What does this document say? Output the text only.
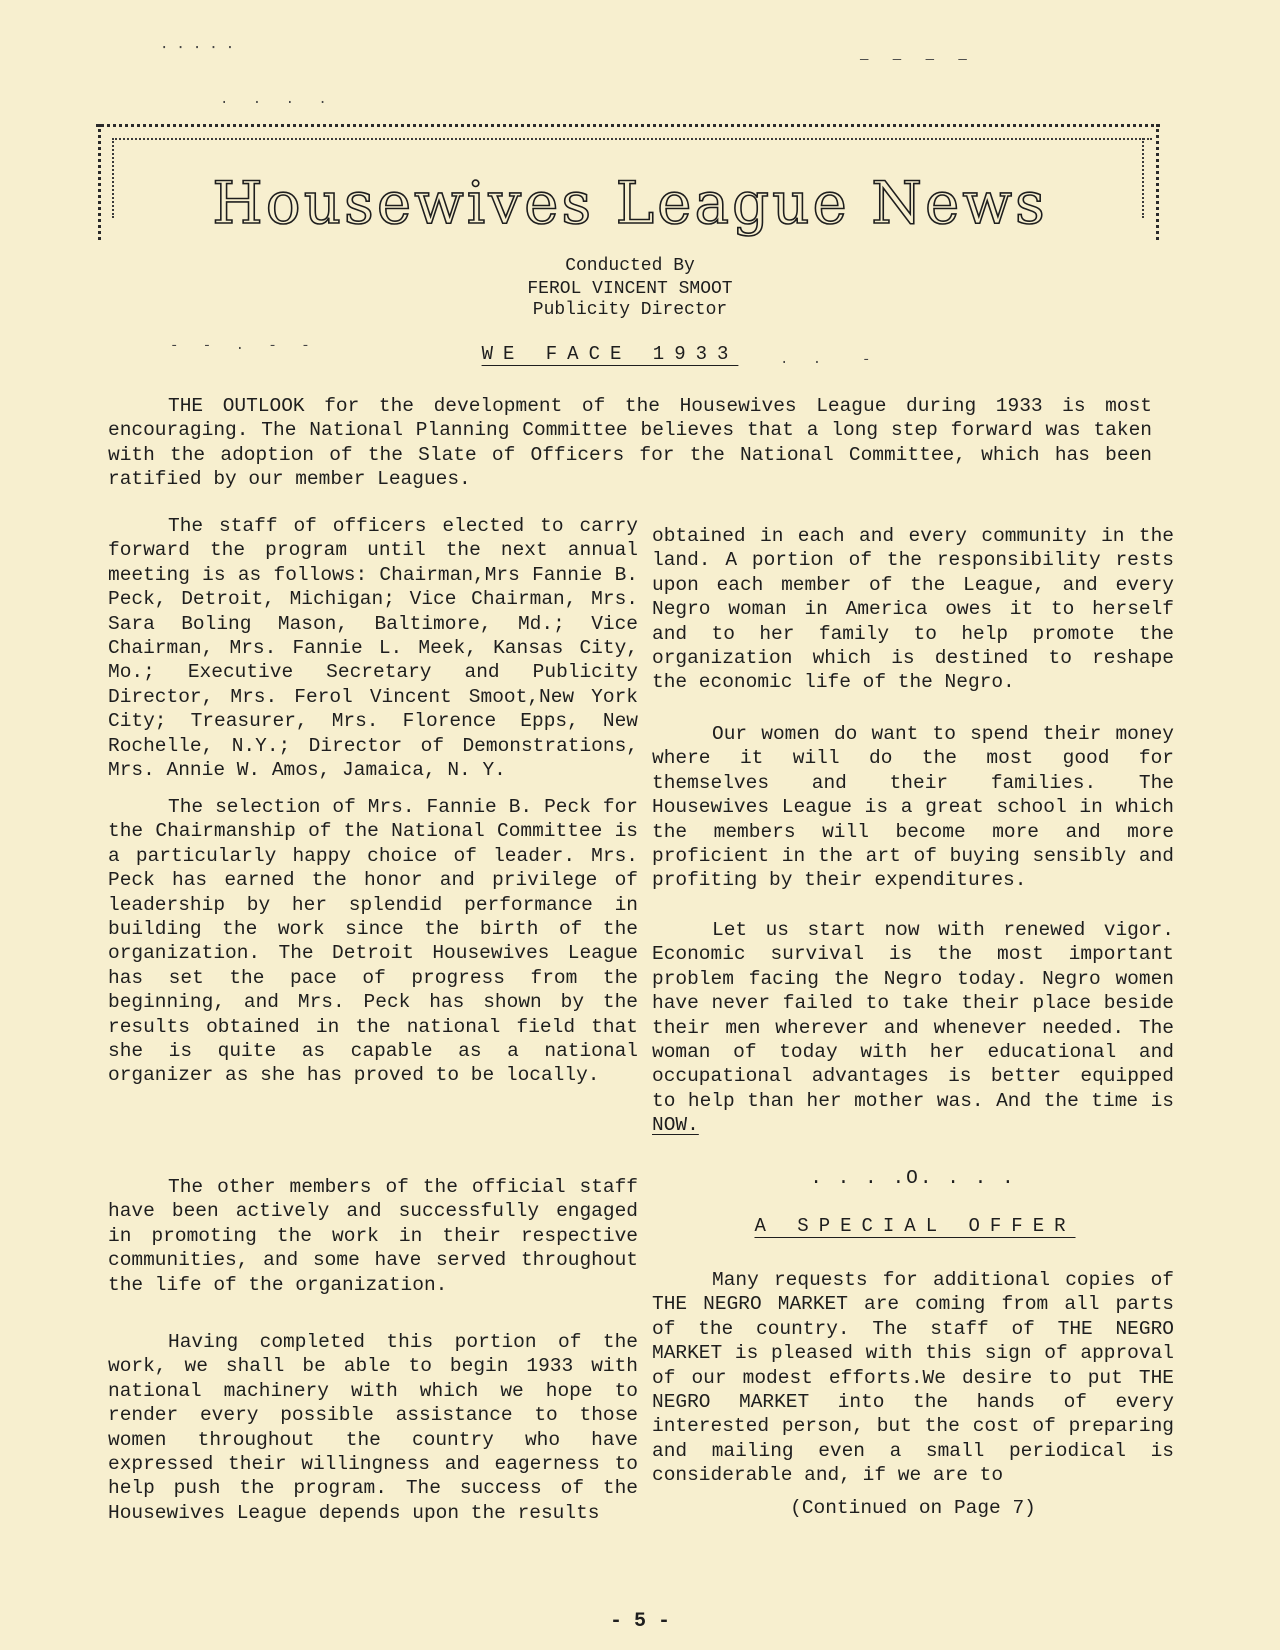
⋅⋅⋅⋅⋅
. . . .
— — — —
- - . - -
. .  -
Housewives League News
Conducted By
FEROL VINCENT SMOOT
Publicity Director
WE FACE 1933

THE OUTLOOK for the development of the Housewives League during 1933 is most encouraging. The National Planning Committee believes that a long step forward was taken with the adoption of the Slate of Officers for the National Committee, which has been ratified by our member Leagues.

The staff of officers elected to carry forward the program until the next annual meeting is as follows: Chairman,Mrs Fannie B. Peck, Detroit, Michigan; Vice Chairman, Mrs. Sara Boling Mason, Baltimore, Md.; Vice Chairman, Mrs. Fannie L. Meek, Kansas City, Mo.; Executive Secretary and Publicity Director, Mrs. Ferol Vincent Smoot,New York City; Treasurer, Mrs. Florence Epps, New Rochelle, N.Y.; Director of Demonstrations, Mrs. Annie W. Amos, Jamaica, N. Y.

The selection of Mrs. Fannie B. Peck for the Chairmanship of the National Committee is a particularly happy choice of leader. Mrs. Peck has earned the honor and privilege of leadership by her splendid performance in building the work since the birth of the organization. The Detroit Housewives League has set the pace of progress from the beginning, and Mrs. Peck has shown by the results obtained in the national field that she is quite as capable as a national organizer as she has proved to be locally.

The other members of the official staff have been actively and successfully engaged in promoting the work in their respective communities, and some have served throughout the life of the organization.

Having completed this portion of the work, we shall be able to begin 1933 with national machinery with which we hope to render every possible assistance to those women throughout the country who have expressed their willingness and eagerness to help push the program. The success of the Housewives League depends upon the results

obtained in each and every community in the land. A portion of the responsibility rests upon each member of the League, and every Negro woman in America owes it to herself and to her family to help promote the organization which is destined to reshape the economic life of the Negro.

Our women do want to spend their money where it will do the most good for themselves and their families. The Housewives League is a great school in which the members will become more and more proficient in the art of buying sensibly and profiting by their expenditures.

Let us start now with renewed vigor. Economic survival is the most important problem facing the Negro today. Negro women have never failed to take their place beside their men wherever and whenever needed. The woman of today with her educational and occupational advantages is better equipped to help than her mother was. And the time is NOW.

. . . .O. . . .
A SPECIAL OFFER

Many requests for additional copies of THE NEGRO MARKET are coming from all parts of the country. The staff of THE NEGRO MARKET is pleased with this sign of approval of our modest efforts.We desire to put THE NEGRO MARKET into the hands of every interested person, but the cost of preparing and mailing even a small periodical is considerable and, if we are to

(Continued on Page 7)
- 5 -
